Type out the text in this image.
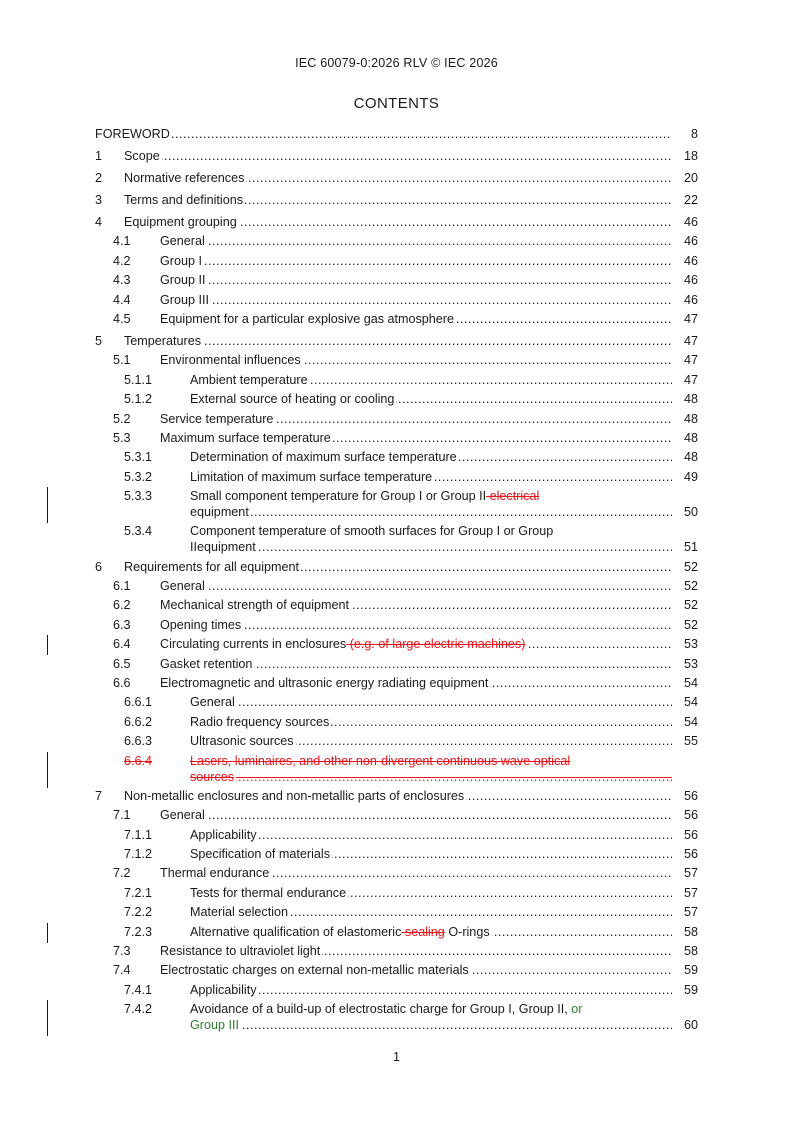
IEC 60079-0:2026 RLV © IEC 2026
CONTENTS
.....
FOREWORD	8
1 ..... Scope	18
2 ..... Normative references	20
3 ..... Terms and definitions	22
4 ..... Equipment grouping	46
4.1 ..... General	46
4.2 ..... Group I	46
4.3 ..... Group II	46
4.4 ..... Group III	46
4.5 ..... Equipment for a particular explosive gas atmosphere	47
5 ..... Temperatures	47
5.1 ..... Environmental influences	47
5.1.1 .....	Ambient temperature	47
5.1.2 .....	External source of heating or cooling	48
5.2 ..... Service temperature	48
5.3 ..... Maximum surface temperature	48
5.3.1 .....	Determination of maximum surface temperature	48
5.3.2 .....	Limitation of maximum surface temperature	49
5.3.3	Small component temperature for Group I or Group II electrical
.....
equipment	50
5.3.4	Component temperature of smooth surfaces for Group I or Group
.....
IIequipment	51
6 ..... Requirements for all equipment	52
6.1 ..... General	52
6.2 ..... Mechanical strength of equipment	52
6.3 ..... Opening times	52
6.4 ..... Circulating currents in enclosures (e.g. of large electric machines)	53
6.5 ..... Gasket retention	53
6.6 ..... Electromagnetic and ultrasonic energy radiating equipment	54
6.6.1 .....	General	54
6.6.2 .....	Radio frequency sources	54
6.6.3 .....	Ultrasonic sources	55
6.6.4	Lasers, luminaires, and other non-divergent continuous wave optical
.....
sources
7 ..... Non-metallic enclosures and non-metallic parts of enclosures	56
7.1 ..... General	56
7.1.1 .....	Applicability	56
7.1.2 .....	Specification of materials	56
7.2 ..... Thermal endurance	57
7.2.1 .....	Tests for thermal endurance	57
7.2.2 .....	Material selection	57
7.2.3 .....	Alternative qualification of elastomeric sealing O-rings	58
7.3 ..... Resistance to ultraviolet light	58
7.4 ..... Electrostatic charges on external non-metallic materials	59
7.4.1 .....	Applicability	59
7.4.2	Avoidance of a build-up of electrostatic charge for Group I, Group II, or
.....
Group III	60
1
